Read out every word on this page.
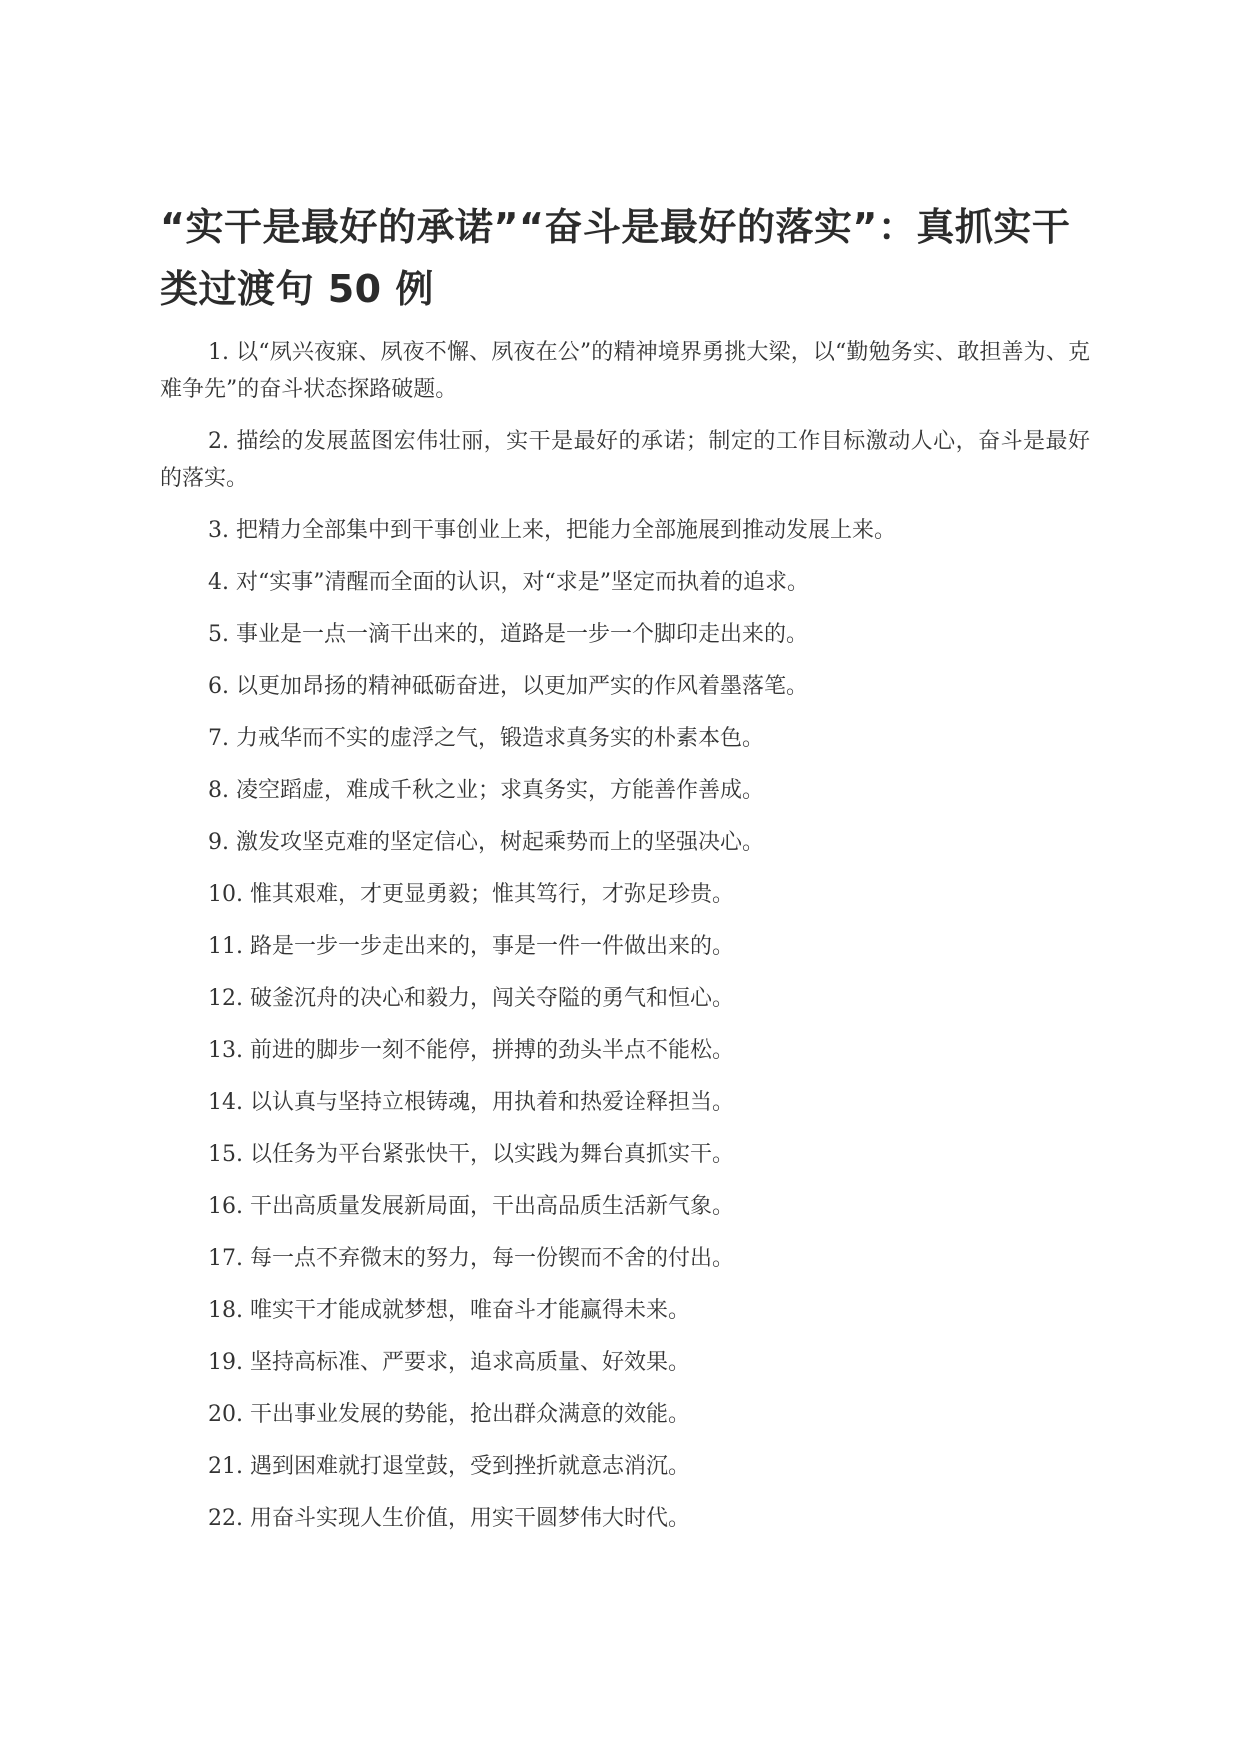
“实干是最好的承诺”“奋斗是最好的落实”：真抓实干类过渡句 50 例
1. 以“夙兴夜寐、夙夜不懈、夙夜在公”的精神境界勇挑大梁，以“勤勉务实、敢担善为、克难争先”的奋斗状态探路破题。
2. 描绘的发展蓝图宏伟壮丽，实干是最好的承诺；制定的工作目标激动人心，奋斗是最好的落实。
3. 把精力全部集中到干事创业上来，把能力全部施展到推动发展上来。
4. 对“实事”清醒而全面的认识，对“求是”坚定而执着的追求。
5. 事业是一点一滴干出来的，道路是一步一个脚印走出来的。
6. 以更加昂扬的精神砥砺奋进，以更加严实的作风着墨落笔。
7. 力戒华而不实的虚浮之气，锻造求真务实的朴素本色。
8. 凌空蹈虚，难成千秋之业；求真务实，方能善作善成。
9. 激发攻坚克难的坚定信心，树起乘势而上的坚强决心。
10. 惟其艰难，才更显勇毅；惟其笃行，才弥足珍贵。
11. 路是一步一步走出来的，事是一件一件做出来的。
12. 破釜沉舟的决心和毅力，闯关夺隘的勇气和恒心。
13. 前进的脚步一刻不能停，拼搏的劲头半点不能松。
14. 以认真与坚持立根铸魂，用执着和热爱诠释担当。
15. 以任务为平台紧张快干，以实践为舞台真抓实干。
16. 干出高质量发展新局面，干出高品质生活新气象。
17. 每一点不弃微末的努力，每一份锲而不舍的付出。
18. 唯实干才能成就梦想，唯奋斗才能赢得未来。
19. 坚持高标准、严要求，追求高质量、好效果。
20. 干出事业发展的势能，抢出群众满意的效能。
21. 遇到困难就打退堂鼓，受到挫折就意志消沉。
22. 用奋斗实现人生价值，用实干圆梦伟大时代。
